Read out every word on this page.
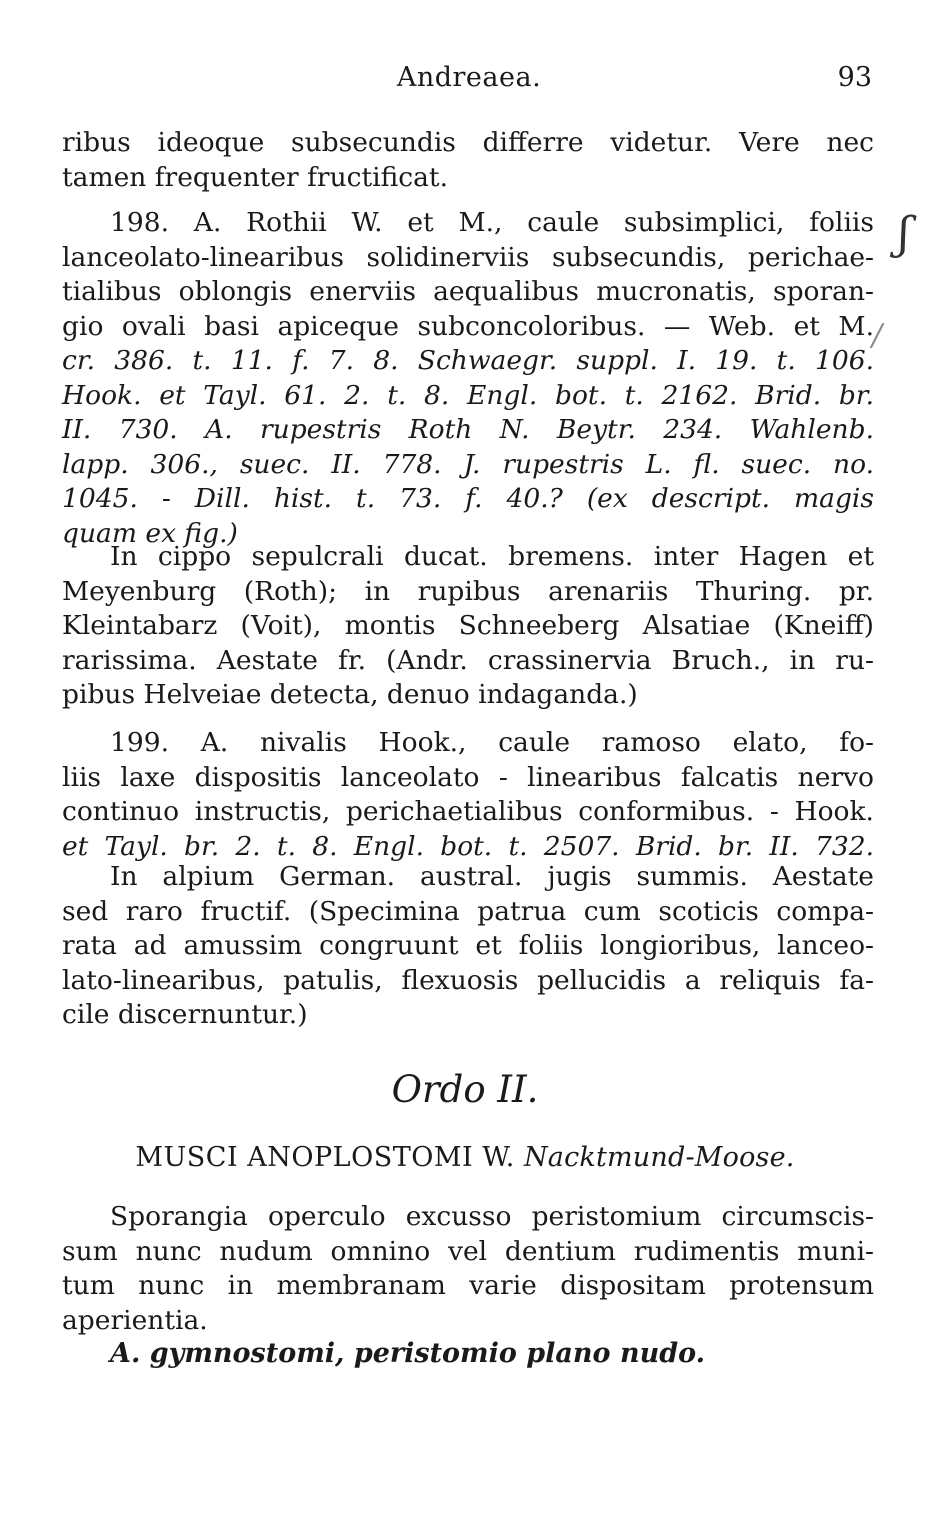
Andreaea.	93
ribus ideoque subsecundis differre videtur. Vere nec
tamen frequenter fructificat.
198. A. Rothii W. et M., caule subsimplici, foliis
lanceolato-linearibus solidinerviis subsecundis, perichae-
tialibus oblongis enerviis aequalibus mucronatis, sporan-
gio ovali basi apiceque subconcoloribus. — Web. et M.
cr. 386. t. 11. f. 7. 8. Schwaegr. suppl. I. 19. t. 106.
Hook. et Tayl. 61. 2. t. 8. Engl. bot. t. 2162. Brid. br.
II. 730. A. rupestris Roth N. Beytr. 234. Wahlenb.
lapp. 306., suec. II. 778. J. rupestris L. fl. suec. no.
1045. - Dill. hist. t. 73. f. 40.? (ex descript. magis
quam ex fig.)
In cippo sepulcrali ducat. bremens. inter Hagen et
Meyenburg (Roth); in rupibus arenariis Thuring. pr.
Kleintabarz (Voit), montis Schneeberg Alsatiae (Kneiff)
rarissima. Aestate fr. (Andr. crassinervia Bruch., in ru-
pibus Helveiae detecta, denuo indaganda.)
199. A. nivalis Hook., caule ramoso elato, fo-
liis laxe dispositis lanceolato - linearibus falcatis nervo
continuo instructis, perichaetialibus conformibus. - Hook.
et Tayl. br. 2. t. 8. Engl. bot. t. 2507. Brid. br. II. 732.
In alpium German. austral. jugis summis. Aestate
sed raro fructif. (Specimina patrua cum scoticis compa-
rata ad amussim congruunt et foliis longioribus, lanceo-
lato-linearibus, patulis, flexuosis pellucidis a reliquis fa-
cile discernuntur.)
Ordo II.
MUSCI ANOPLOSTOMI W. Nacktmund-Moose.
Sporangia operculo excusso peristomium circumscis-
sum nunc nudum omnino vel dentium rudimentis muni-
tum nunc in membranam varie dispositam protensum
aperientia.
A. gymnostomi, peristomio plano nudo.
ʃ
/
